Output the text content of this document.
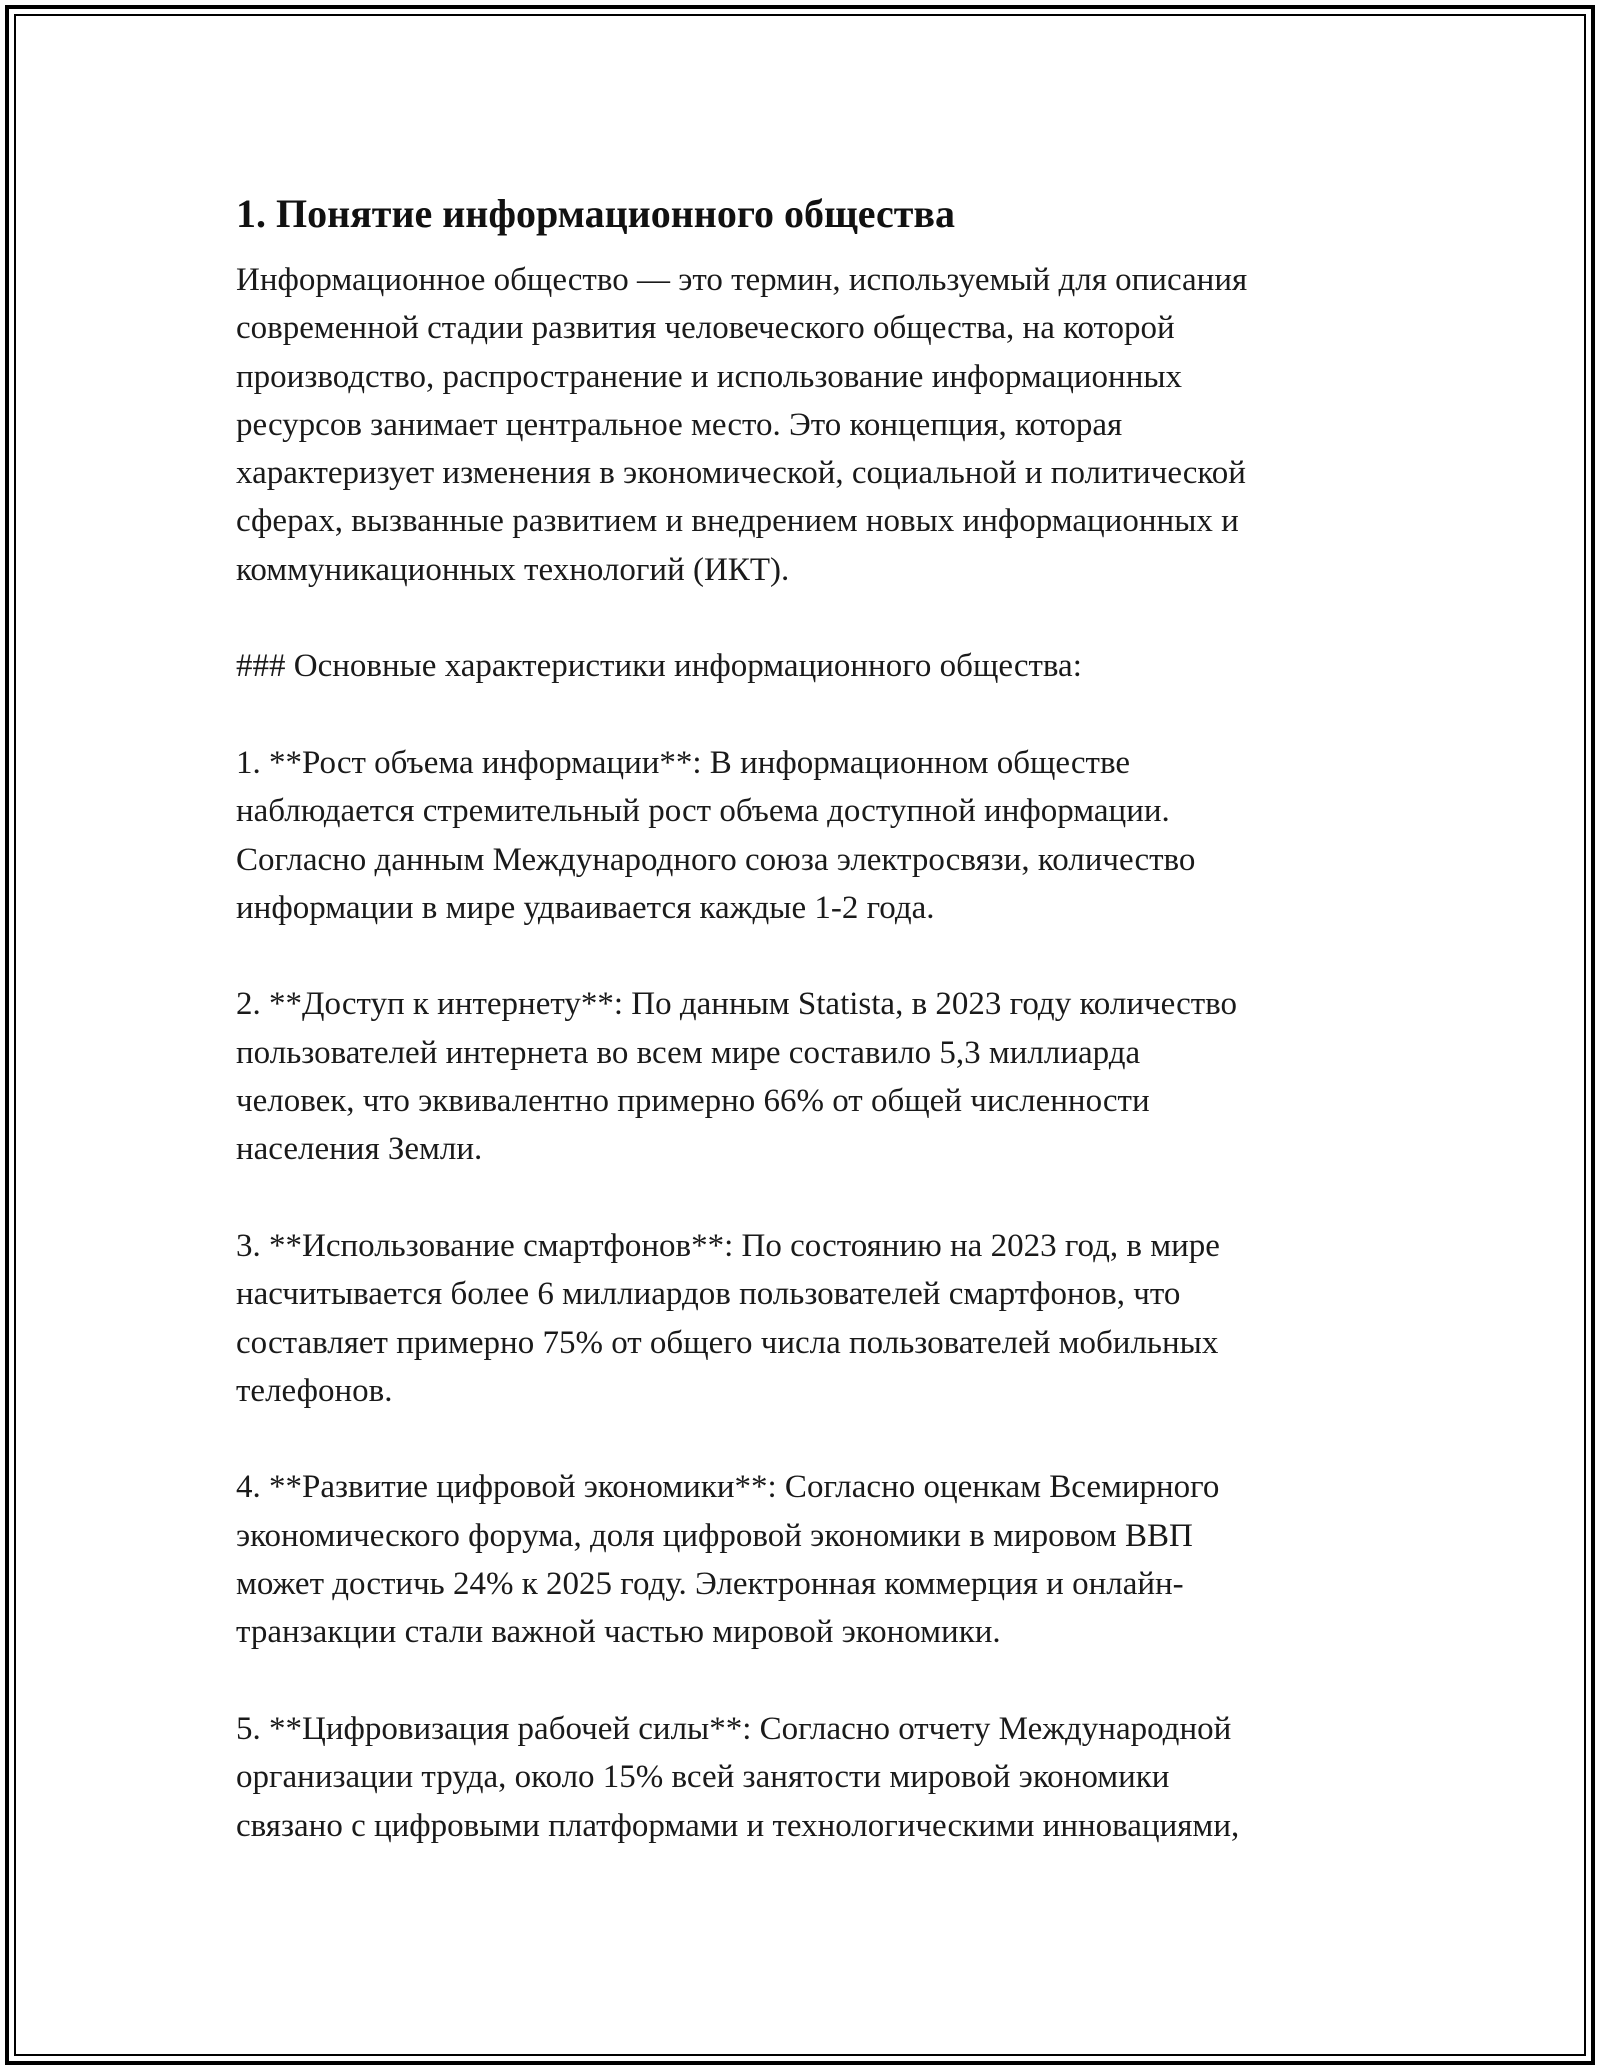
1. Понятие информационного общества

Информационное общество — это термин, используемый для описания
современной стадии развития человеческого общества, на которой
производство, распространение и использование информационных
ресурсов занимает центральное место. Это концепция, которая
характеризует изменения в экономической, социальной и политической
сферах, вызванные развитием и внедрением новых информационных и
коммуникационных технологий (ИКТ).

### Основные характеристики информационного общества:

1. **Рост объема информации**: В информационном обществе
наблюдается стремительный рост объема доступной информации.
Согласно данным Международного союза электросвязи, количество
информации в мире удваивается каждые 1-2 года.

2. **Доступ к интернету**: По данным Statista, в 2023 году количество
пользователей интернета во всем мире составило 5,3 миллиарда
человек, что эквивалентно примерно 66% от общей численности
населения Земли.

3. **Использование смартфонов**: По состоянию на 2023 год, в мире
насчитывается более 6 миллиардов пользователей смартфонов, что
составляет примерно 75% от общего числа пользователей мобильных
телефонов.

4. **Развитие цифровой экономики**: Согласно оценкам Всемирного
экономического форума, доля цифровой экономики в мировом ВВП
может достичь 24% к 2025 году. Электронная коммерция и онлайн-
транзакции стали важной частью мировой экономики.

5. **Цифровизация рабочей силы**: Согласно отчету Международной
организации труда, около 15% всей занятости мировой экономики
связано с цифровыми платформами и технологическими инновациями,
